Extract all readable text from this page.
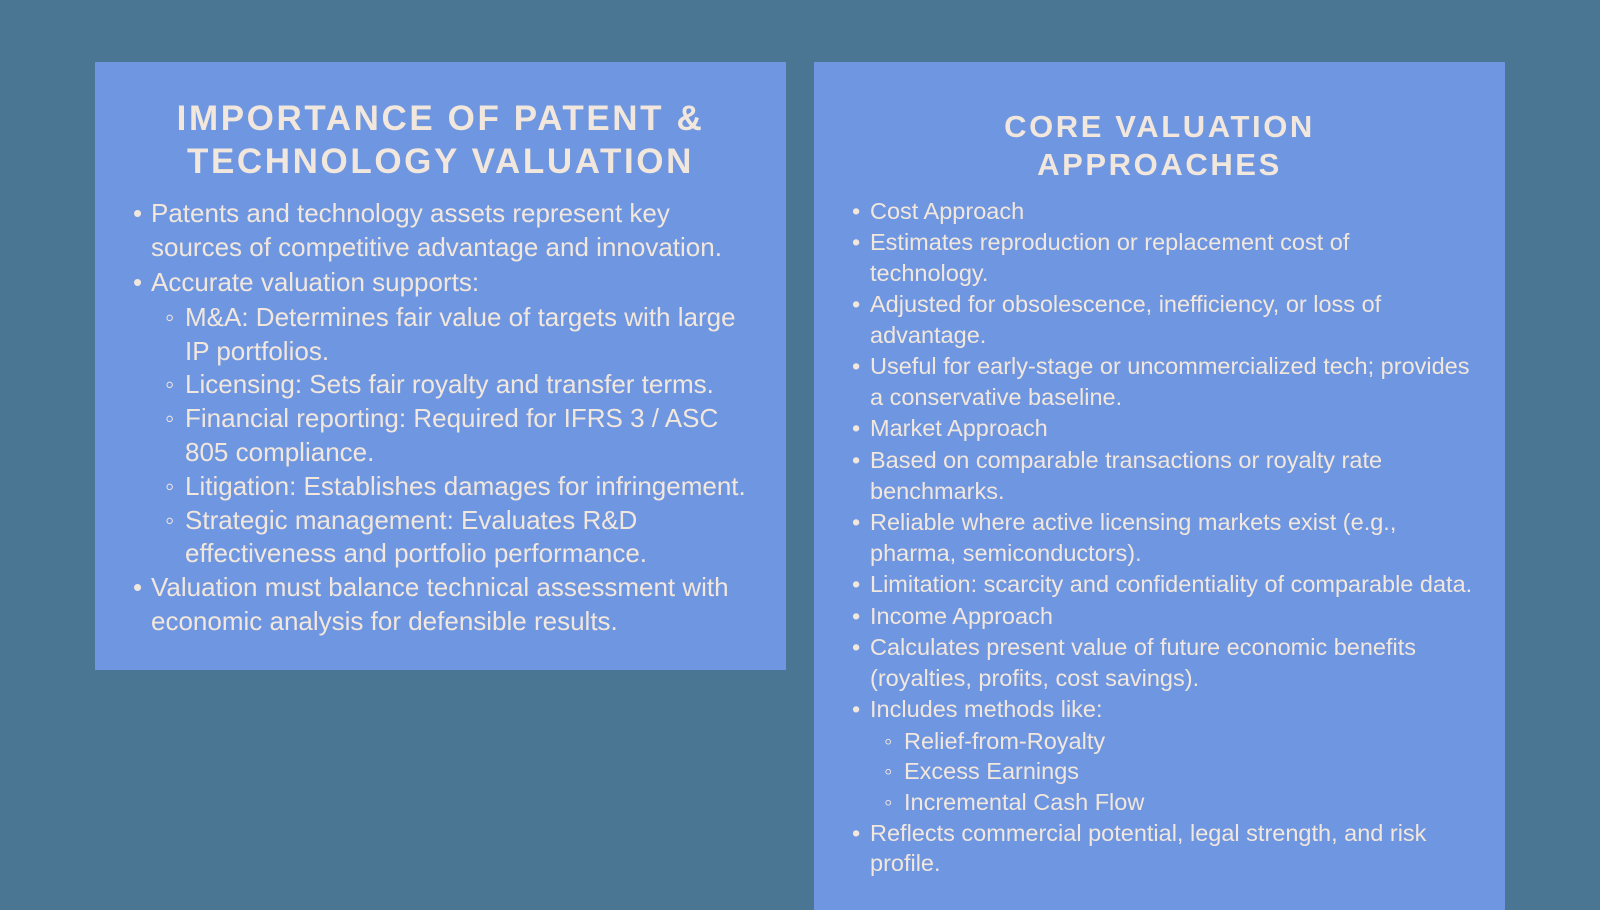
IMPORTANCE OF PATENT & TECHNOLOGY VALUATION
• Patents and technology assets represent key sources of competitive advantage and innovation.
• Accurate valuation supports:
◦ M&A: Determines fair value of targets with large IP portfolios.
◦ Licensing: Sets fair royalty and transfer terms.
◦ Financial reporting: Required for IFRS 3 / ASC 805 compliance.
◦ Litigation: Establishes damages for infringement.
◦ Strategic management: Evaluates R&D effectiveness and portfolio performance.
• Valuation must balance technical assessment with economic analysis for defensible results.
CORE VALUATION APPROACHES
• Cost Approach
• Estimates reproduction or replacement cost of technology.
• Adjusted for obsolescence, inefficiency, or loss of advantage.
• Useful for early-stage or uncommercialized tech; provides a conservative baseline.
• Market Approach
• Based on comparable transactions or royalty rate benchmarks.
• Reliable where active licensing markets exist (e.g., pharma, semiconductors).
• Limitation: scarcity and confidentiality of comparable data.
• Income Approach
• Calculates present value of future economic benefits (royalties, profits, cost savings).
• Includes methods like:
◦ Relief-from-Royalty
◦ Excess Earnings
◦ Incremental Cash Flow
• Reflects commercial potential, legal strength, and risk profile.
